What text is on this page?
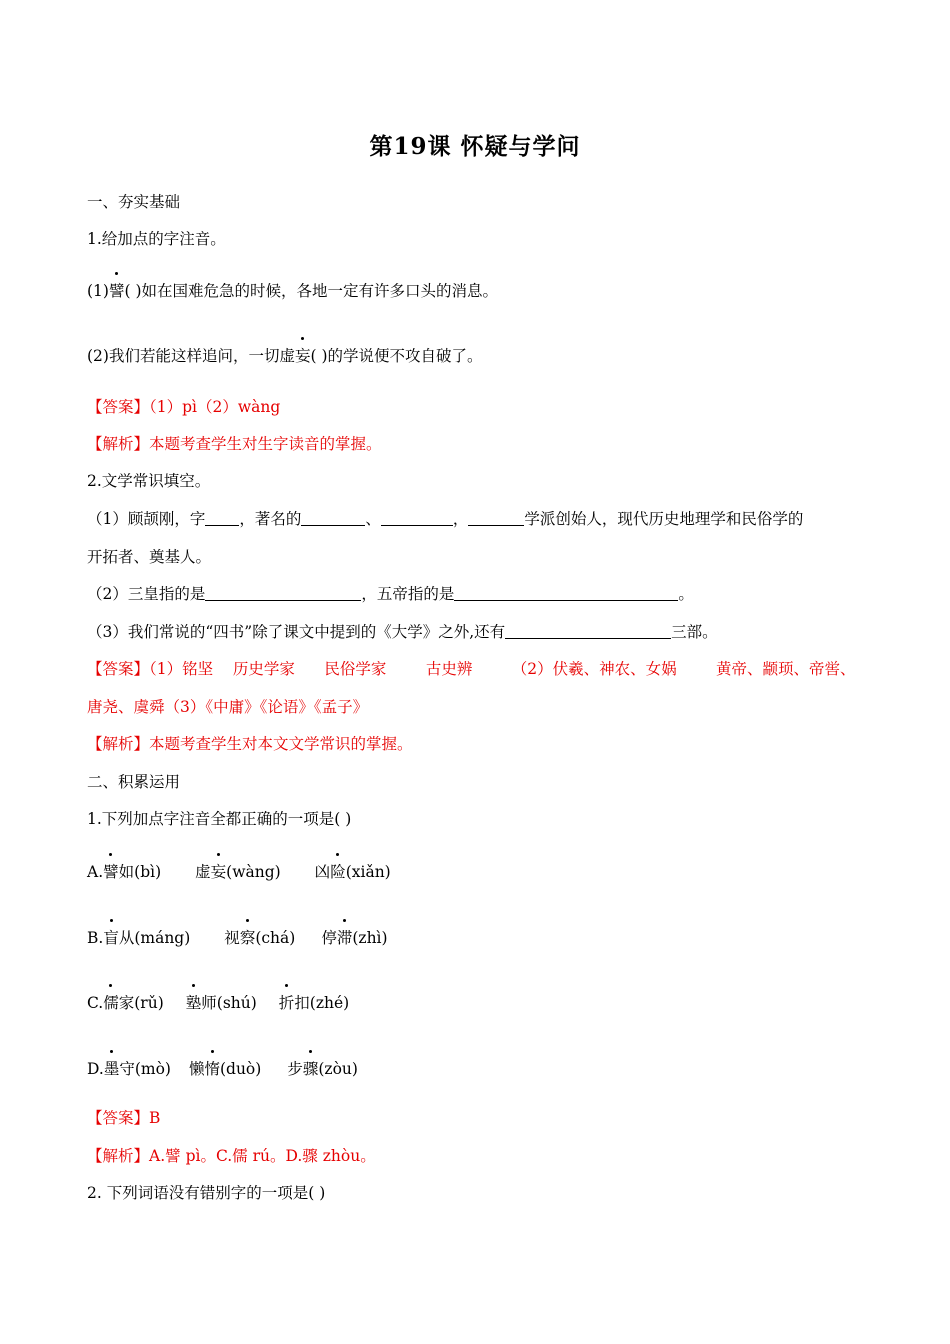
第19课 怀疑与学问
一、夯实基础
1.给加点的字注音。
(1)譬( )如在国难危急的时候，各地一定有许多口头的消息。
(2)我们若能这样追问，一切虚妄( )的学说便不攻自破了。
【答案】（1）pì（2）wàng
【解析】本题考查学生对生字读音的掌握。
2.文学常识填空。
（1）顾颉刚，字 ，著名的	、	，	学派创始人，现代历史地理学和民俗学的
开拓者、奠基人。
（2）三皇指的是	，五帝指的是	。
（3）我们常说的“四书”除了课文中提到的《大学》之外,还有	三部。
【答案】（1）铭坚    历史学家      民俗学家        古史辨        （2）伏羲、神农、女娲        黄帝、颛顼、帝喾、
唐尧、虞舜（3）《中庸》《论语》《孟子》
【解析】本题考查学生对本文文学常识的掌握。
二、积累运用
1.下列加点字注音全都正确的一项是( )
A.譬如(bì) 虚妄(wàng) 凶险(xiǎn)
B.盲从(máng) 视察(chá) 停滞(zhì)
C.儒家(rǔ) 塾师(shú) 折扣(zhé)
D.墨守(mò) 懒惰(duò) 步骤(zòu)
【答案】B
【解析】A.譬 pì。C.儒 rú。D.骤 zhòu。
2. 下列词语没有错别字的一项是( )
